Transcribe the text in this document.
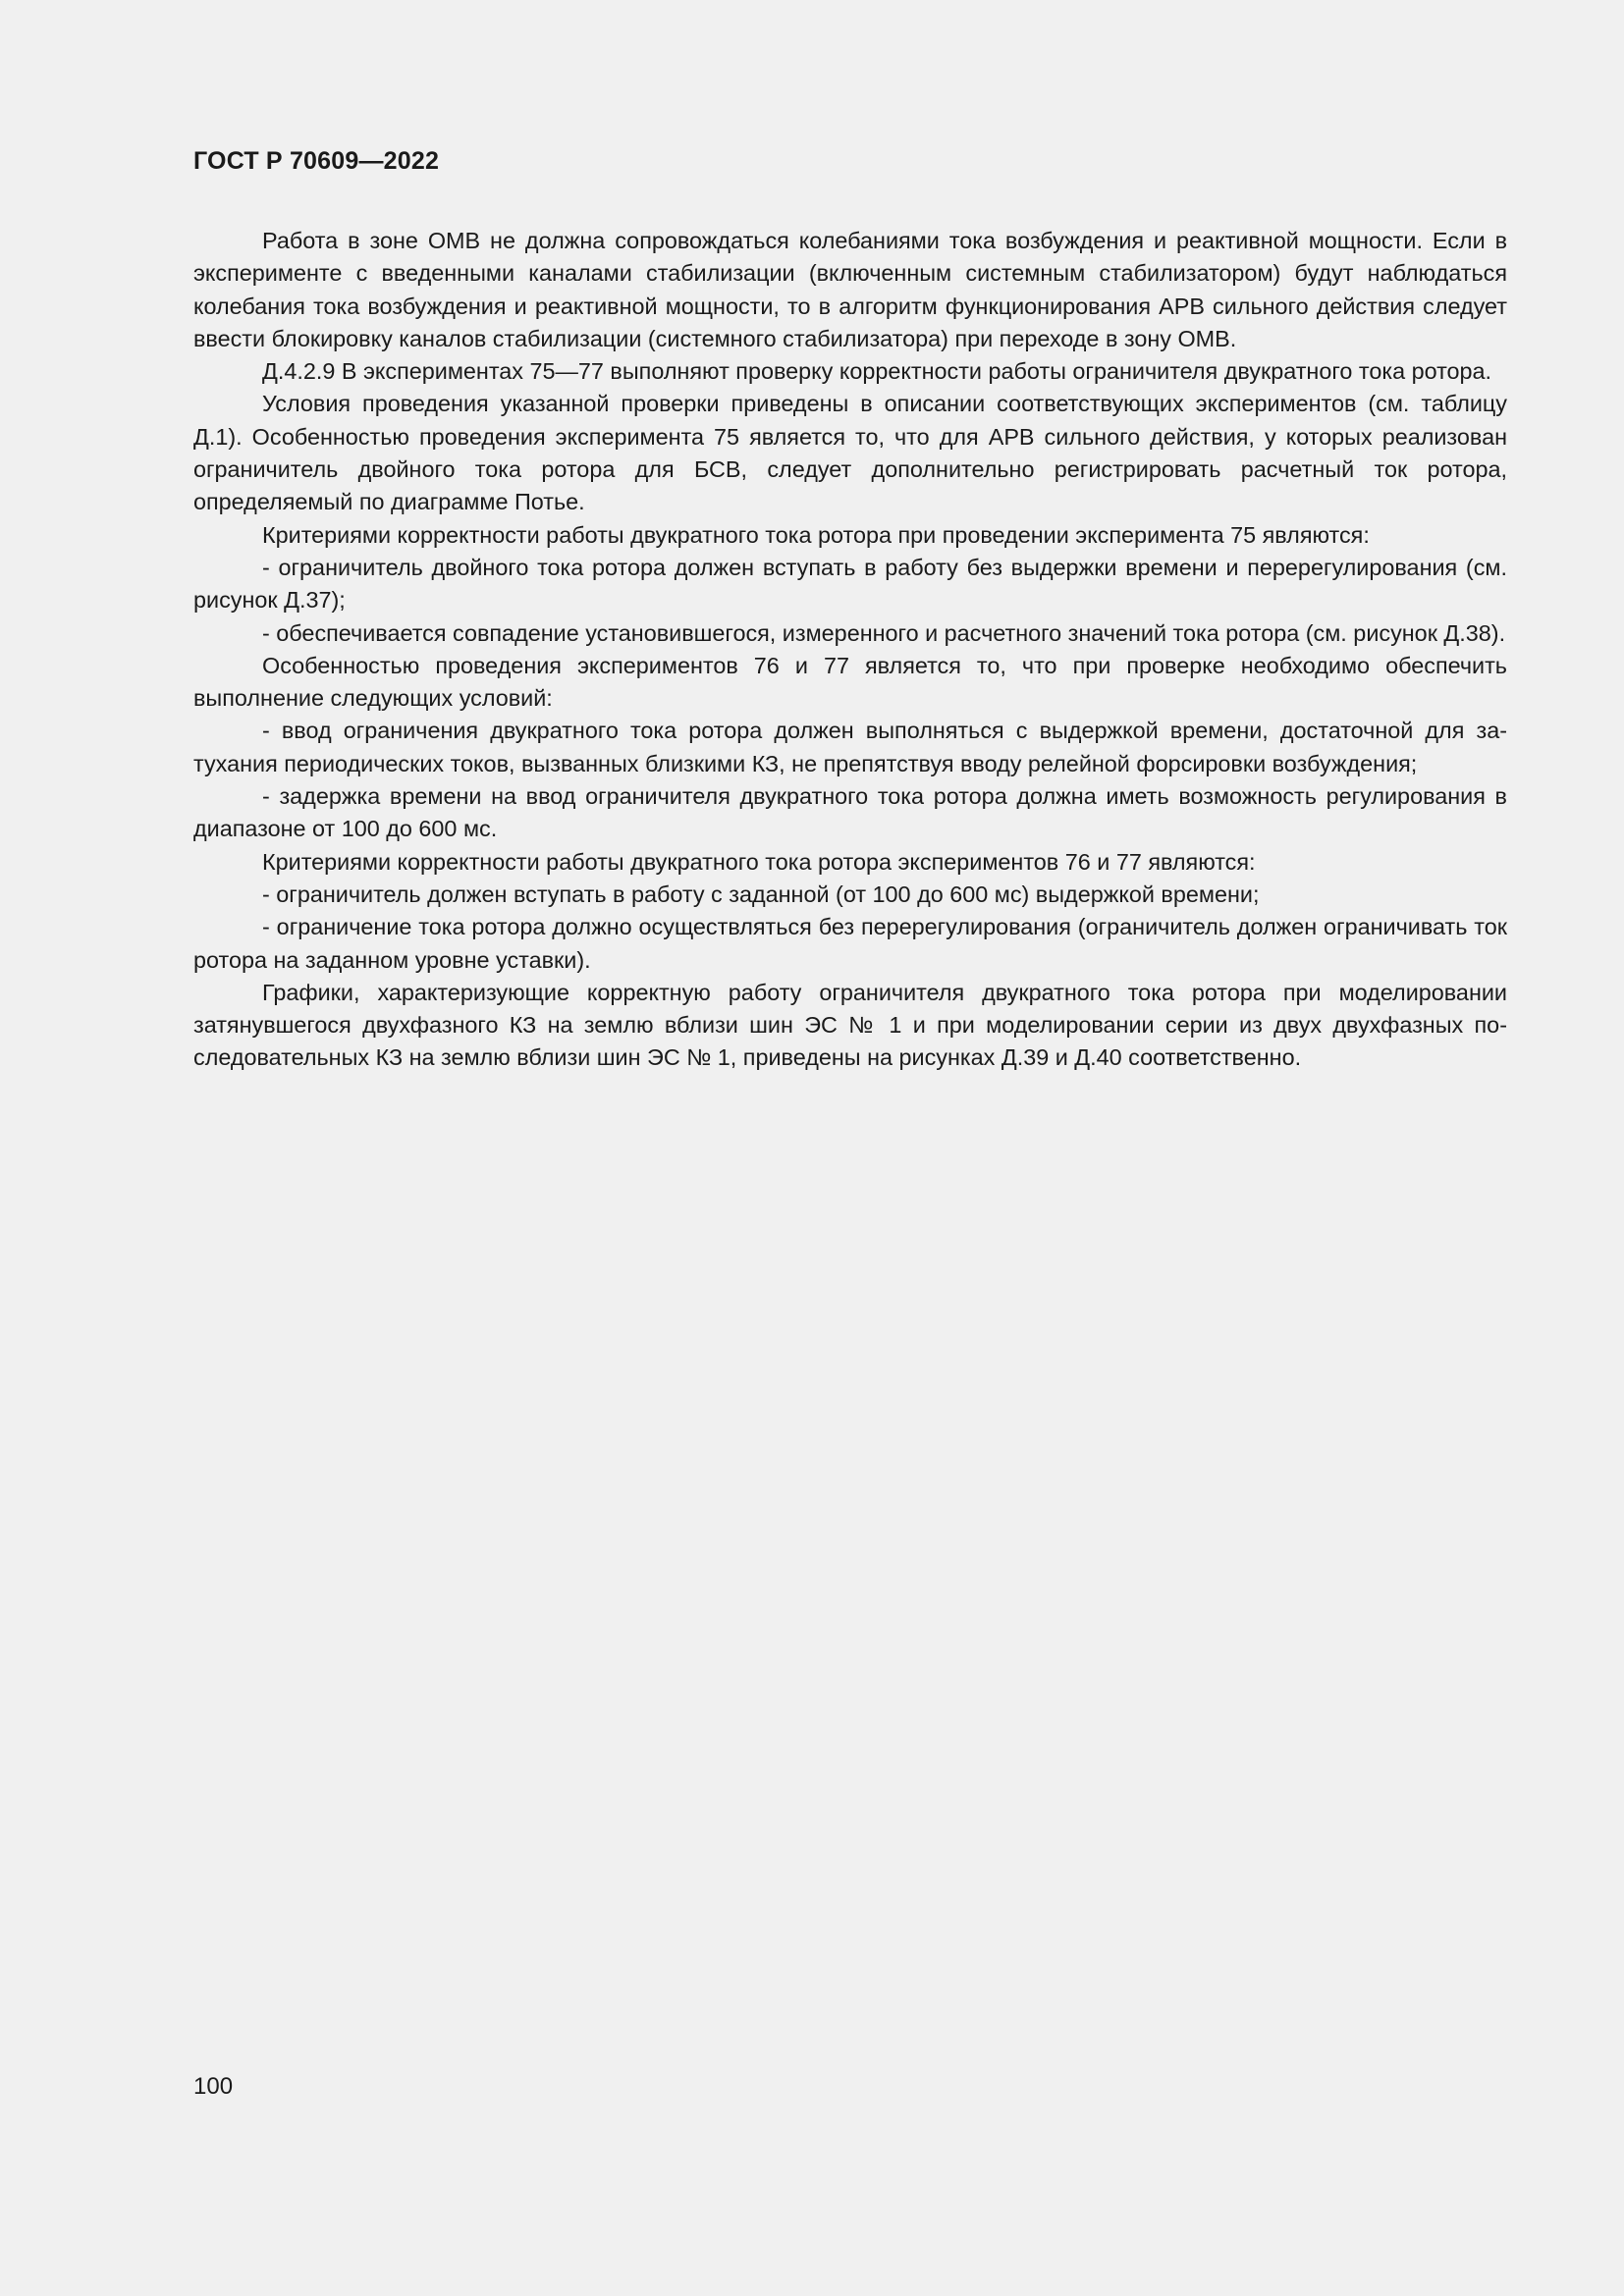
ГОСТ Р 70609—2022

Работа в зоне ОМВ не должна сопровождаться колебаниями тока возбуждения и реактивной мощности. Если в эксперименте с введенными каналами стабилизации (включенным системным стабилизатором) будут наблюдаться колебания тока возбуждения и реактивной мощности, то в алгоритм функционирования АРВ сильного действия следует ввести блокировку каналов стабилизации (системного стабилизатора) при переходе в зону ОМВ.

Д.4.2.9 В экспериментах 75—77 выполняют проверку корректности работы ограничителя двукратного тока ротора.

Условия проведения указанной проверки приведены в описании соответствующих экспериментов (см. таблицу Д.1). Особенностью проведения эксперимента 75 является то, что для АРВ сильного действия, у которых реализован ограничитель двойного тока ротора для БСВ, следует дополнительно регистрировать расчетный ток ротора, определяемый по диаграмме Потье.

Критериями корректности работы двукратного тока ротора при проведении эксперимента 75 являются:

- ограничитель двойного тока ротора должен вступать в работу без выдержки времени и перерегулирования (см. рисунок Д.37);

- обеспечивается совпадение установившегося, измеренного и расчетного значений тока ротора (см. рисунок Д.38).

Особенностью проведения экспериментов 76 и 77 является то, что при проверке необходимо обеспечить выполнение следующих условий:

- ввод ограничения двукратного тока ротора должен выполняться с выдержкой времени, достаточной для затухания периодических токов, вызванных близкими КЗ, не препятствуя вводу релейной форсировки возбуждения;

- задержка времени на ввод ограничителя двукратного тока ротора должна иметь возможность регулирования в диапазоне от 100 до 600 мс.

Критериями корректности работы двукратного тока ротора экспериментов 76 и 77 являются:

- ограничитель должен вступать в работу с заданной (от 100 до 600 мс) выдержкой времени;

- ограничение тока ротора должно осуществляться без перерегулирования (ограничитель должен ограничивать ток ротора на заданном уровне уставки).

Графики, характеризующие корректную работу ограничителя двукратного тока ротора при моделировании затянувшегося двухфазного КЗ на землю вблизи шин ЭС № 1 и при моделировании серии из двух двухфазных последовательных КЗ на землю вблизи шин ЭС № 1, приведены на рисунках Д.39 и Д.40 соответственно.

100
